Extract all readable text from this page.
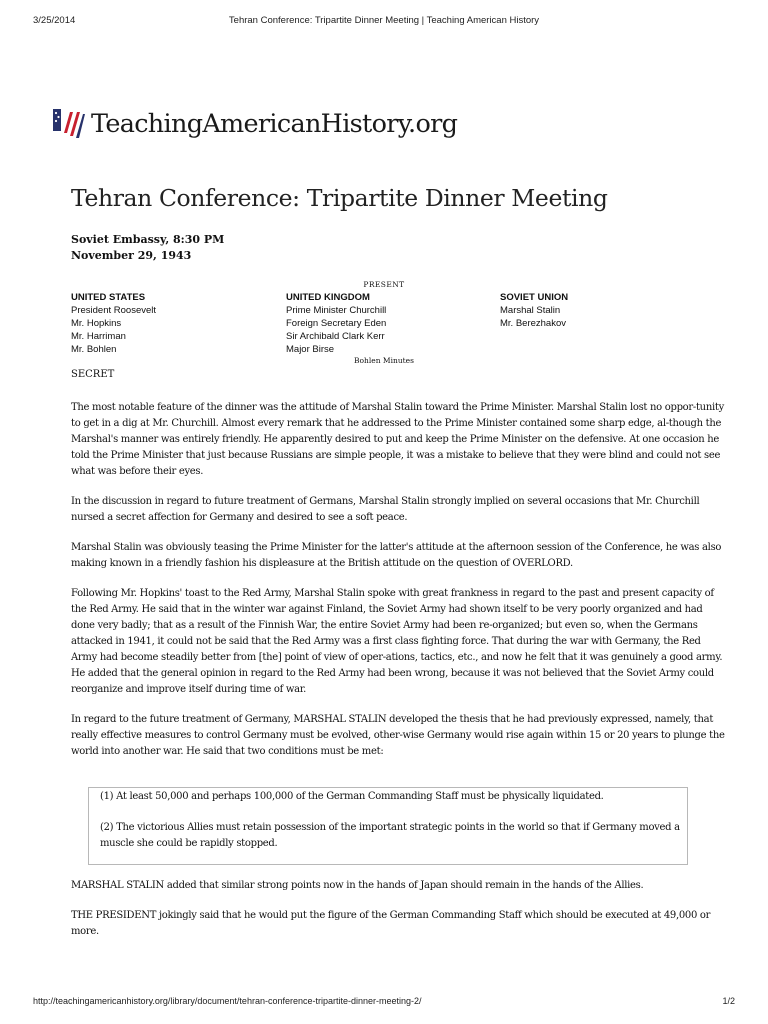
3/25/2014	Tehran Conference: Tripartite Dinner Meeting | Teaching American History
TeachingAmericanHistory.org
Tehran Conference: Tripartite Dinner Meeting
Soviet Embassy, 8:30 PM
November 29, 1943
PRESENT
UNITED STATES
President Roosevelt
Mr. Hopkins
Mr. Harriman
Mr. Bohlen
UNITED KINGDOM
Prime Minister Churchill
Foreign Secretary Eden
Sir Archibald Clark Kerr
Major Birse
SOVIET UNION
Marshal Stalin
Mr. Berezhakov
Bohlen Minutes
SECRET

The most notable feature of the dinner was the attitude of Marshal Stalin toward the Prime Minister. Marshal Stalin lost no oppor-tunity to get in a dig at Mr. Churchill. Almost every remark that he addressed to the Prime Minister contained some sharp edge, al-though the Marshal's manner was entirely friendly. He apparently desired to put and keep the Prime Minister on the defensive. At one occasion he told the Prime Minister that just because Russians are simple people, it was a mistake to believe that they were blind and could not see what was before their eyes.

In the discussion in regard to future treatment of Germans, Marshal Stalin strongly implied on several occasions that Mr. Churchill nursed a secret affection for Germany and desired to see a soft peace.

Marshal Stalin was obviously teasing the Prime Minister for the latter's attitude at the afternoon session of the Conference, he was also making known in a friendly fashion his displeasure at the British attitude on the question of OVERLORD.

Following Mr. Hopkins' toast to the Red Army, Marshal Stalin spoke with great frankness in regard to the past and present capacity of the Red Army. He said that in the winter war against Finland, the Soviet Army had shown itself to be very poorly organized and had done very badly; that as a result of the Finnish War, the entire Soviet Army had been re-organized; but even so, when the Germans attacked in 1941, it could not be said that the Red Army was a first class fighting force. That during the war with Germany, the Red Army had become steadily better from [the] point of view of oper-ations, tactics, etc., and now he felt that it was genuinely a good army. He added that the general opinion in regard to the Red Army had been wrong, because it was not believed that the Soviet Army could reorganize and improve itself during time of war.

In regard to the future treatment of Germany, MARSHAL STALIN developed the thesis that he had previously expressed, namely, that really effective measures to control Germany must be evolved, other-wise Germany would rise again within 15 or 20 years to plunge the world into another war. He said that two conditions must be met:

(1) At least 50,000 and perhaps 100,000 of the German Commanding Staff must be physically liquidated.

(2) The victorious Allies must retain possession of the important strategic points in the world so that if Germany moved a muscle she could be rapidly stopped.

MARSHAL STALIN added that similar strong points now in the hands of Japan should remain in the hands of the Allies.

THE PRESIDENT jokingly said that he would put the figure of the German Commanding Staff which should be executed at 49,000 or more.

http://teachingamericanhistory.org/library/document/tehran-conference-tripartite-dinner-meeting-2/	1/2
